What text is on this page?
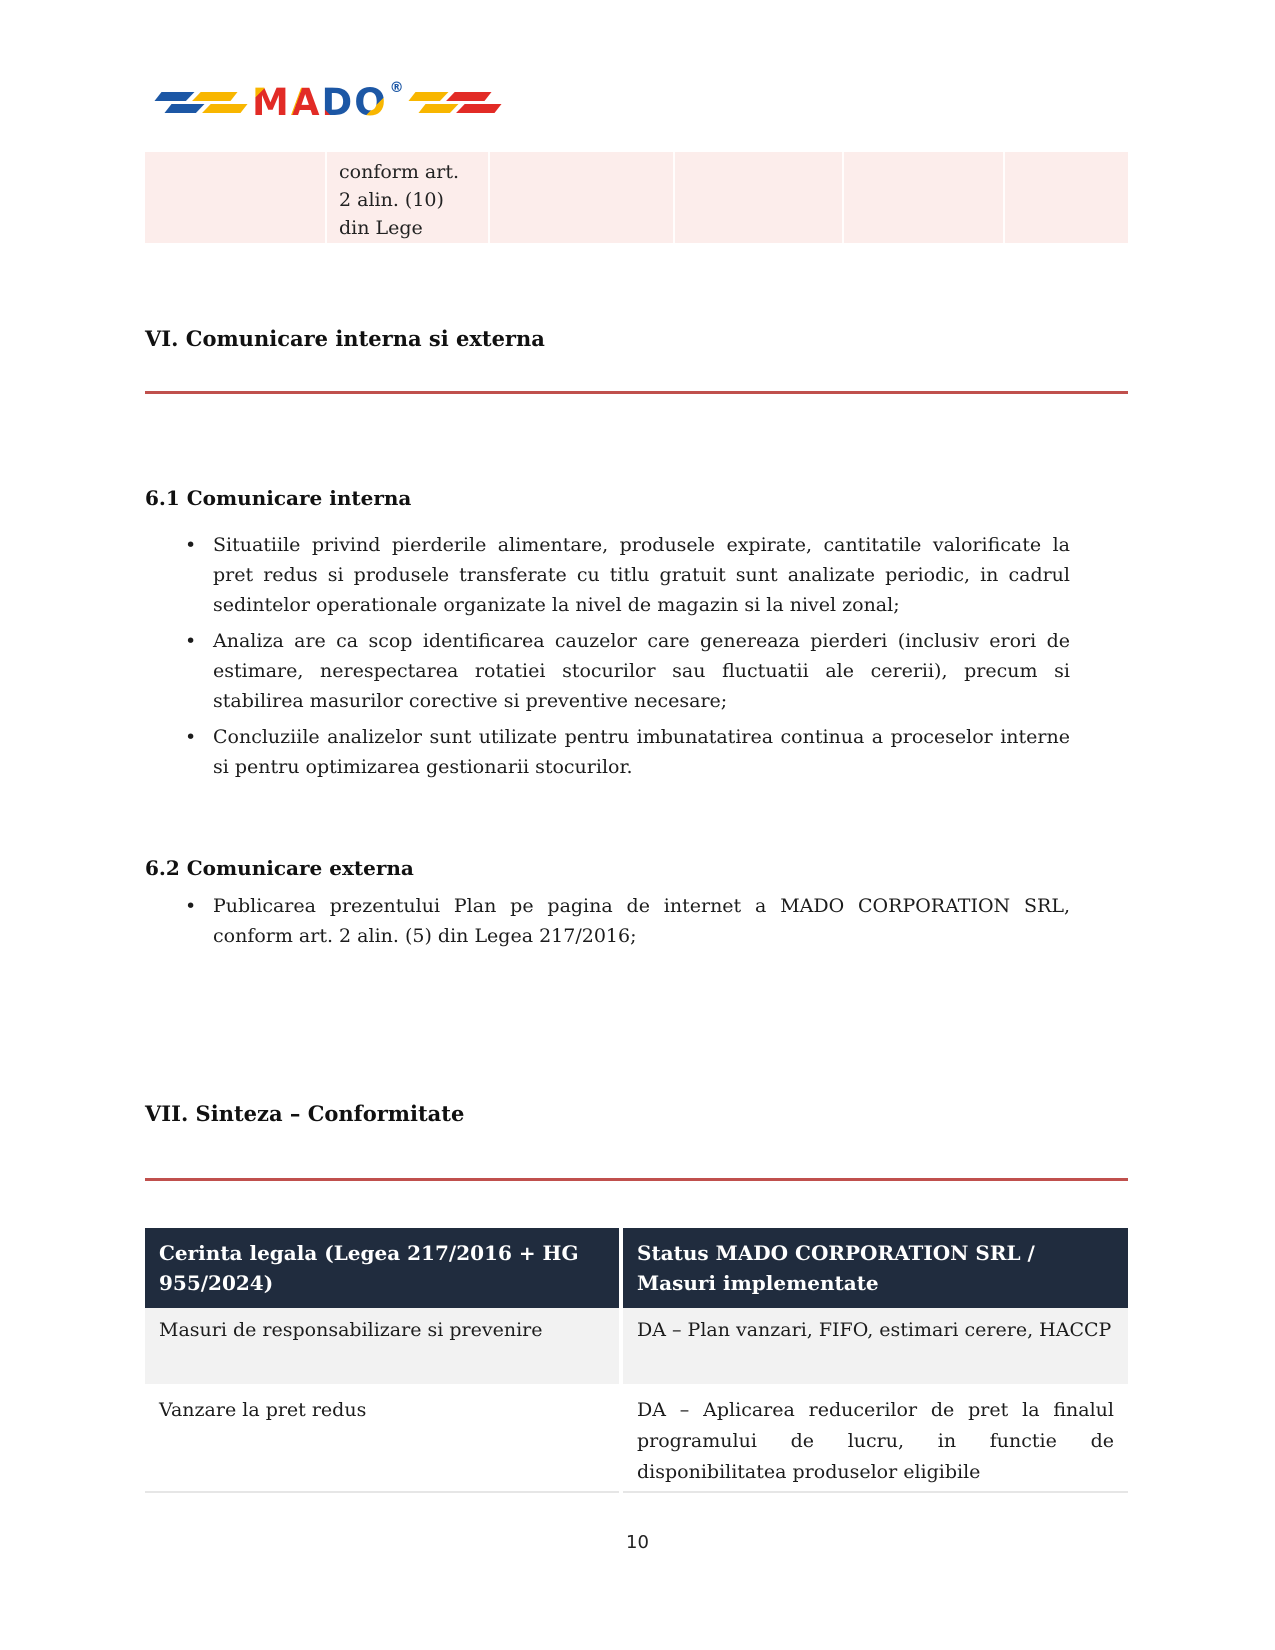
MADO ®
conform art.
2 alin. (10)
din Lege
VI. Comunicare interna si externa
6.1 Comunicare interna
• Situatiile privind pierderile alimentare, produsele expirate, cantitatile valorificate la pret redus si produsele transferate cu titlu gratuit sunt analizate periodic, in cadrul sedintelor operationale organizate la nivel de magazin si la nivel zonal;
• Analiza are ca scop identificarea cauzelor care genereaza pierderi (inclusiv erori de estimare, nerespectarea rotatiei stocurilor sau fluctuatii ale cererii), precum si stabilirea masurilor corective si preventive necesare;
• Concluziile analizelor sunt utilizate pentru imbunatatirea continua a proceselor interne si pentru optimizarea gestionarii stocurilor.
6.2 Comunicare externa
• Publicarea prezentului Plan pe pagina de internet a MADO CORPORATION SRL, conform art. 2 alin. (5) din Legea 217/2016;
VII. Sinteza – Conformitate
Cerinta legala (Legea 217/2016 + HG
955/2024)
Status MADO CORPORATION SRL /
Masuri implementate
Masuri de responsabilizare si prevenire	DA – Plan vanzari, FIFO, estimari cerere, HACCP
Vanzare la pret redus	DA – Aplicarea reducerilor de pret la finalul programului de lucru, in functie de disponibilitatea produselor eligibile
10
